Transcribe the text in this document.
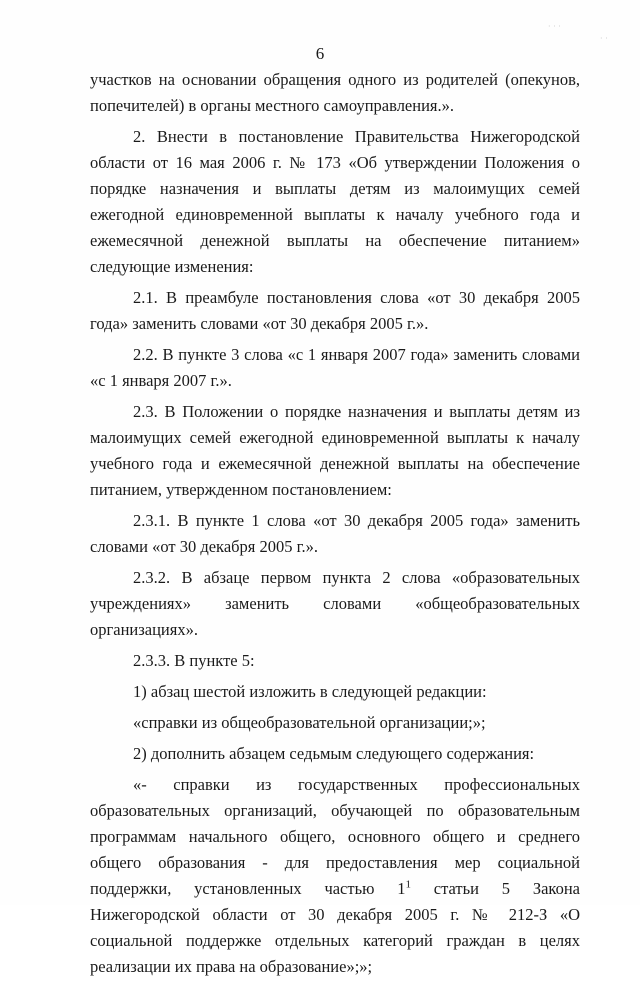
· · ·
· ·
6

участков на основании обращения одного из родителей (опекунов, попечителей) в органы местного самоуправления.».

2. Внести в постановление Правительства Нижегородской области от 16 мая 2006 г. № 173 «Об утверждении Положения о порядке назначения и выплаты детям из малоимущих семей ежегодной единовременной выплаты к началу учебного года и ежемесячной денежной выплаты на обеспечение питанием» следующие изменения:

2.1. В преамбуле постановления слова «от 30 декабря 2005 года» заменить словами «от 30 декабря 2005 г.».

2.2. В пункте 3 слова «с 1 января 2007 года» заменить словами «с 1 января 2007 г.».

2.3. В Положении о порядке назначения и выплаты детям из малоимущих семей ежегодной единовременной выплаты к началу учебного года и ежемесячной денежной выплаты на обеспечение питанием, утвержденном постановлением:

2.3.1. В пункте 1 слова «от 30 декабря 2005 года» заменить словами «от 30 декабря 2005 г.».

2.3.2. В абзаце первом пункта 2 слова «образовательных учреждениях» заменить словами «общеобразовательных организациях».

2.3.3. В пункте 5:

1) абзац шестой изложить в следующей редакции:

«справки из общеобразовательной организации;»;

2) дополнить абзацем седьмым следующего содержания:

«- справки из государственных профессиональных образовательных организаций, обучающей по образовательным программам начального общего, основного общего и среднего общего образования - для предоставления мер социальной поддержки, установленных частью $1^1$ статьи 5 Закона Нижегородской области от 30 декабря 2005 г. № 212-З «О социальной поддержке отдельных категорий граждан в целях реализации их права на образование»;»;
